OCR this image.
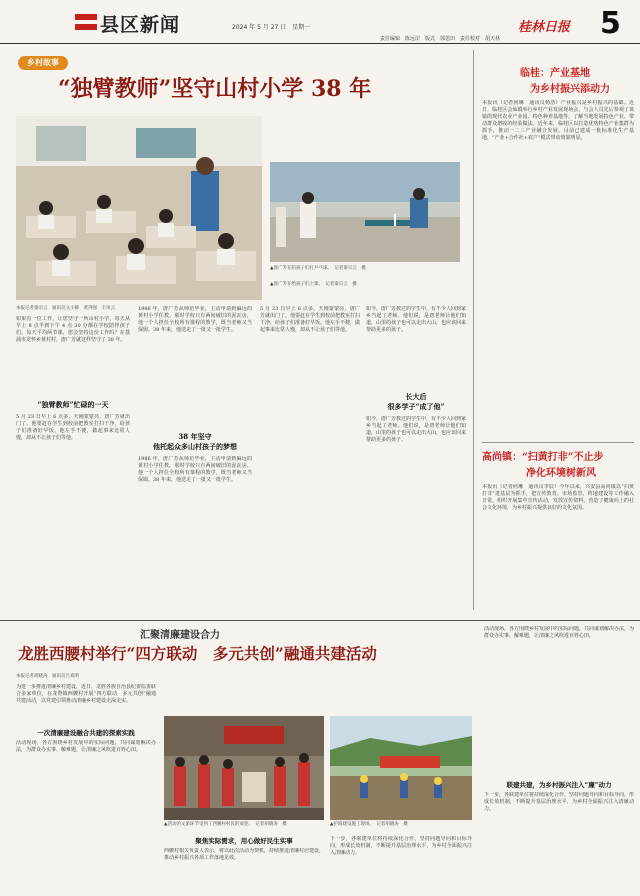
县区新闻	2024 年 5 月 27 日　星期一	桂林日报 5
责任编辑　陈远岸　版式　郭思田　责任校对　胡天林
乡村故事
“独臂教师”坚守山村小学 38 年
▲唐广芳在给孩子们上课。　记者秦宗云　摄
▲唐广芳在陪孩子们打乒乓球。　记者秦宗云　摄
本报记者秦宗云　通讯员文小静　黄剑强　王凤云
如果有一位工作，让您坚守一所山村小学，每天从早上 8 点半到下午 4 点 30 分都在学校陪伴孩子们，每天平均两节课，您会坚持这份工作吗？在荔浦市龙怀乡黄村村，唐广芳就这样坚守了 38 年。
“独臂教师”忙碌的一天
5 月 23 日早上 6 点多，天刚蒙蒙亮，唐广芳就出门了。他要赶在学生到校前把教室打扫干净，给孩子们准备好早饭。他左手不便，做起事来比常人慢，却从不让孩子们等他。
1986 年，唐广芳从师范毕业，主动申请到偏远的黄村小学任教。那时学校只有两间破旧的泥瓦房，他一个人担任全校所有课程的教学，既当老师又当保姆。38 年来，他送走了一批又一批学生。
38 年坚守
他托起众多山村孩子的梦想
1986 年，唐广芳从师范毕业，主动申请到偏远的黄村小学任教。那时学校只有两间破旧的泥瓦房，他一个人担任全校所有课程的教学，既当老师又当保姆。38 年来，他送走了一批又一批学生。
5 月 23 日早上 6 点多，天刚蒙蒙亮，唐广芳就出门了。他要赶在学生到校前把教室打扫干净，给孩子们准备好早饭。他左手不便，做起事来比常人慢，却从不让孩子们等他。
如今，唐广芳教过的学生中，有不少人回到家乡当起了老师。他们说，是唐老师让他们知道，山里的孩子也可以走出大山，也应该回来帮助更多的孩子。
长大后
很多学子“成了他”
如今，唐广芳教过的学生中，有不少人回到家乡当起了老师。他们说，是唐老师让他们知道，山里的孩子也可以走出大山，也应该回来帮助更多的孩子。
临桂：产业基地
为乡村振兴添动力
本报讯（记者何琳　通讯员杨浩）产业振兴是乡村振兴的基础。近日，临桂区会仙镇举行乡村产业发展现场会，与会人员先后参观了该镇的现代农业产业园、特色种养基地等，了解当地发展特色产业、带动群众增收的经验做法。近年来，临桂区以打造优势特色产业集群为抓手，推动一二三产业融合发展，目前已建成一批标准化生产基地，“产业+合作社+农户”模式带动效果明显。
高尚镇：“扫黄打非”不止步
净化环境树新风
本报讯（记者何琳　通讯员李辰）今年以来，兴安县高尚镇以“扫黄打非”进基层为抓手，把宣传教育、市场监管、阵地建设等工作融入日常，组织开展集中宣传活动，发放宣传资料，营造了健康向上的社会文化环境，为乡村振兴提供良好的文化氛围。
汇聚清廉建设合力
龙胜西腰村举行“四方联动　多元共创”融通共建活动
本报记者胡晓涛　通讯员吕真明
为进一步推进清廉乡村建设，近日，龙胜各族自治县纪委监委联合多家单位，在龙脊镇西腰村开展“四方联动　多元共创”融通共建活动，以党建引领推动清廉乡村建设走深走实。
一次清廉建设融合共建的探索实践
活动现场，各方围绕乡村发展中的实际问题，共同谋划解决办法，为群众办实事、解难题，让清廉之风吹进百姓心田。
▲活动的文旅环节受到了西腰村村民的欢迎。　记者胡晓涛　摄	▲护坡建设施工现场。　记者胡晓涛　摄
聚焦实际需求，用心做好民生实事
西腰村相关负责人表示，将以此次活动为契机，持续推进清廉村居建设，推动乡村振兴各项工作落地见效。
下一步，各联建单位将持续深化合作，坚持问题导向和目标导向，形成长效机制，不断提升基层治理水平，为乡村全面振兴注入清廉动力。
活动现场，各方围绕乡村发展中的实际问题，共同谋划解决办法，为群众办实事、解难题，让清廉之风吹进百姓心田。
联建共建，为乡村振兴注入“廉”动力
下一步，各联建单位将持续深化合作，坚持问题导向和目标导向，形成长效机制，不断提升基层治理水平，为乡村全面振兴注入清廉动力。
